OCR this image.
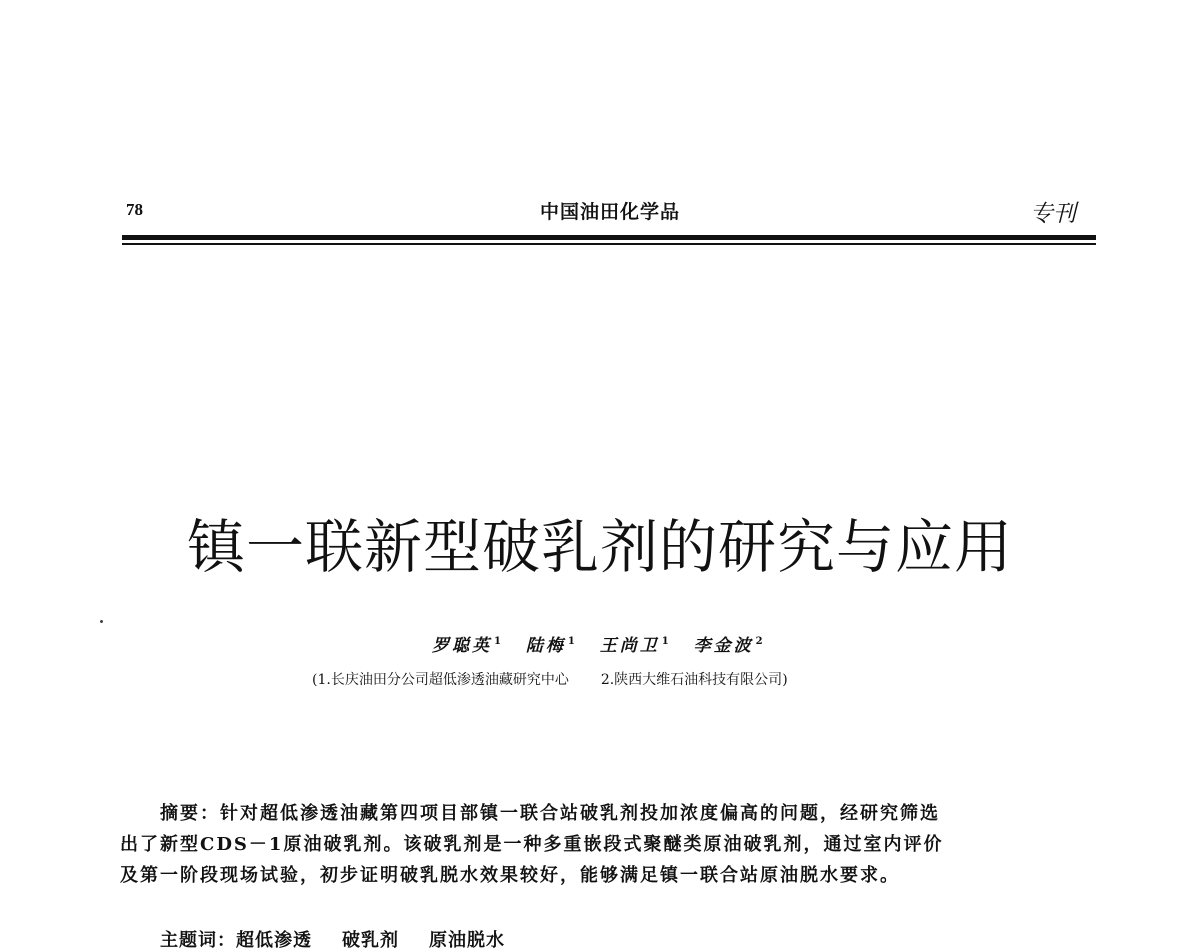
78	中国油田化学品	专刊
镇一联新型破乳剂的研究与应用
罗聪英 $^1$ 陆梅 $^1$ 王尚卫 $^1$ 李金波 $^2$
(1.长庆油田分公司超低渗透油藏研究中心 2.陕西大维石油科技有限公司)
摘要：针对超低渗透油藏第四项目部镇一联合站破乳剂投加浓度偏高的问题，经研究筛选
出了新型CDS－1原油破乳剂。该破乳剂是一种多重嵌段式聚醚类原油破乳剂，通过室内评价
及第一阶段现场试验，初步证明破乳脱水效果较好，能够满足镇一联合站原油脱水要求。
主题词：超低渗透 破乳剂 原油脱水
